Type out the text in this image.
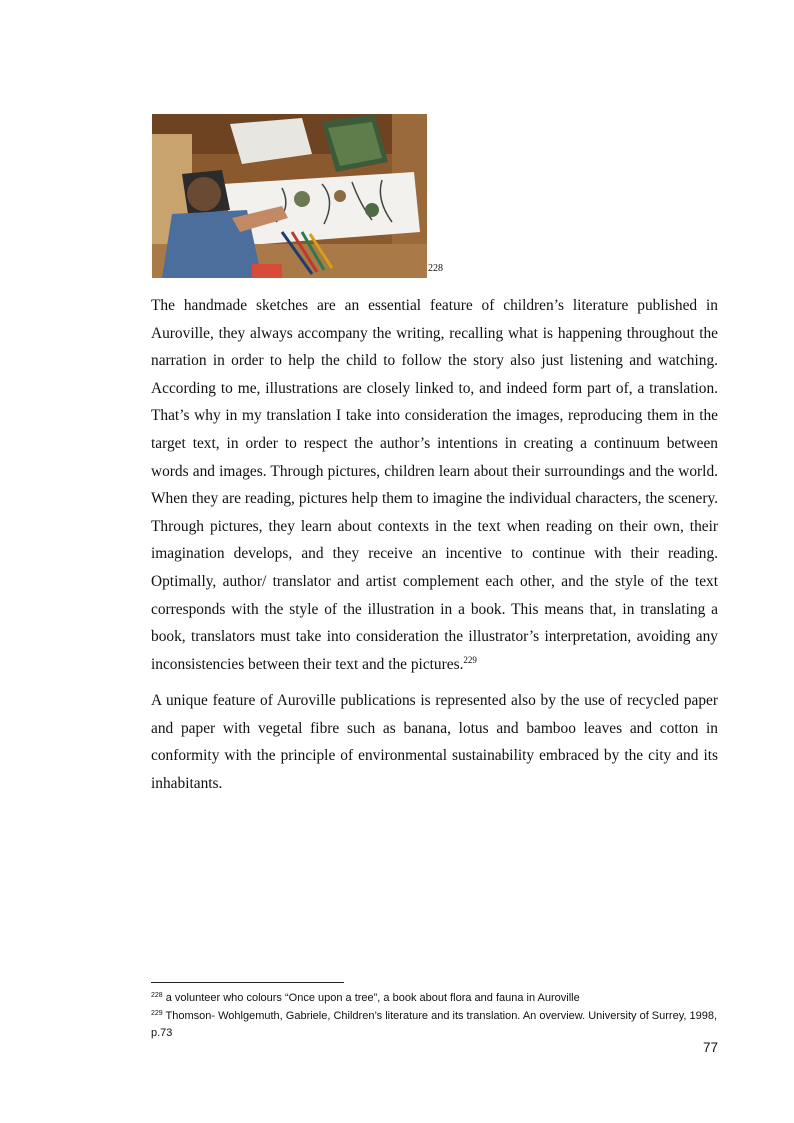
228

The handmade sketches are an essential feature of children’s literature published in Auroville, they always accompany the writing, recalling what is happening throughout the narration in order to help the child to follow the story also just listening and watching. According to me, illustrations are closely linked to, and indeed form part of, a translation. That’s why in my translation I take into consideration the images, reproducing them in the target text, in order to respect the author’s intentions in creating a continuum between words and images. Through pictures, children learn about their surroundings and the world. When they are reading, pictures help them to imagine the individual characters, the scenery. Through pictures, they learn about contexts in the text when reading on their own, their imagination develops, and they receive an incentive to continue with their reading. Optimally, author/ translator and artist complement each other, and the style of the text corresponds with the style of the illustration in a book. This means that, in translating a book, translators must take into consideration the illustrator’s interpretation, avoiding any inconsistencies between their text and the pictures.$^{229}$

A unique feature of Auroville publications is represented also by the use of recycled paper and paper with vegetal fibre such as banana, lotus and bamboo leaves and cotton in conformity with the principle of environmental sustainability embraced by the city and its inhabitants.

$^{228}$ a volunteer who colours “Once upon a tree”, a book about flora and fauna in Auroville

$^{229}$ Thomson- Wohlgemuth, Gabriele, Children’s literature and its translation. An overview. University of Surrey, 1998, p.73

77
